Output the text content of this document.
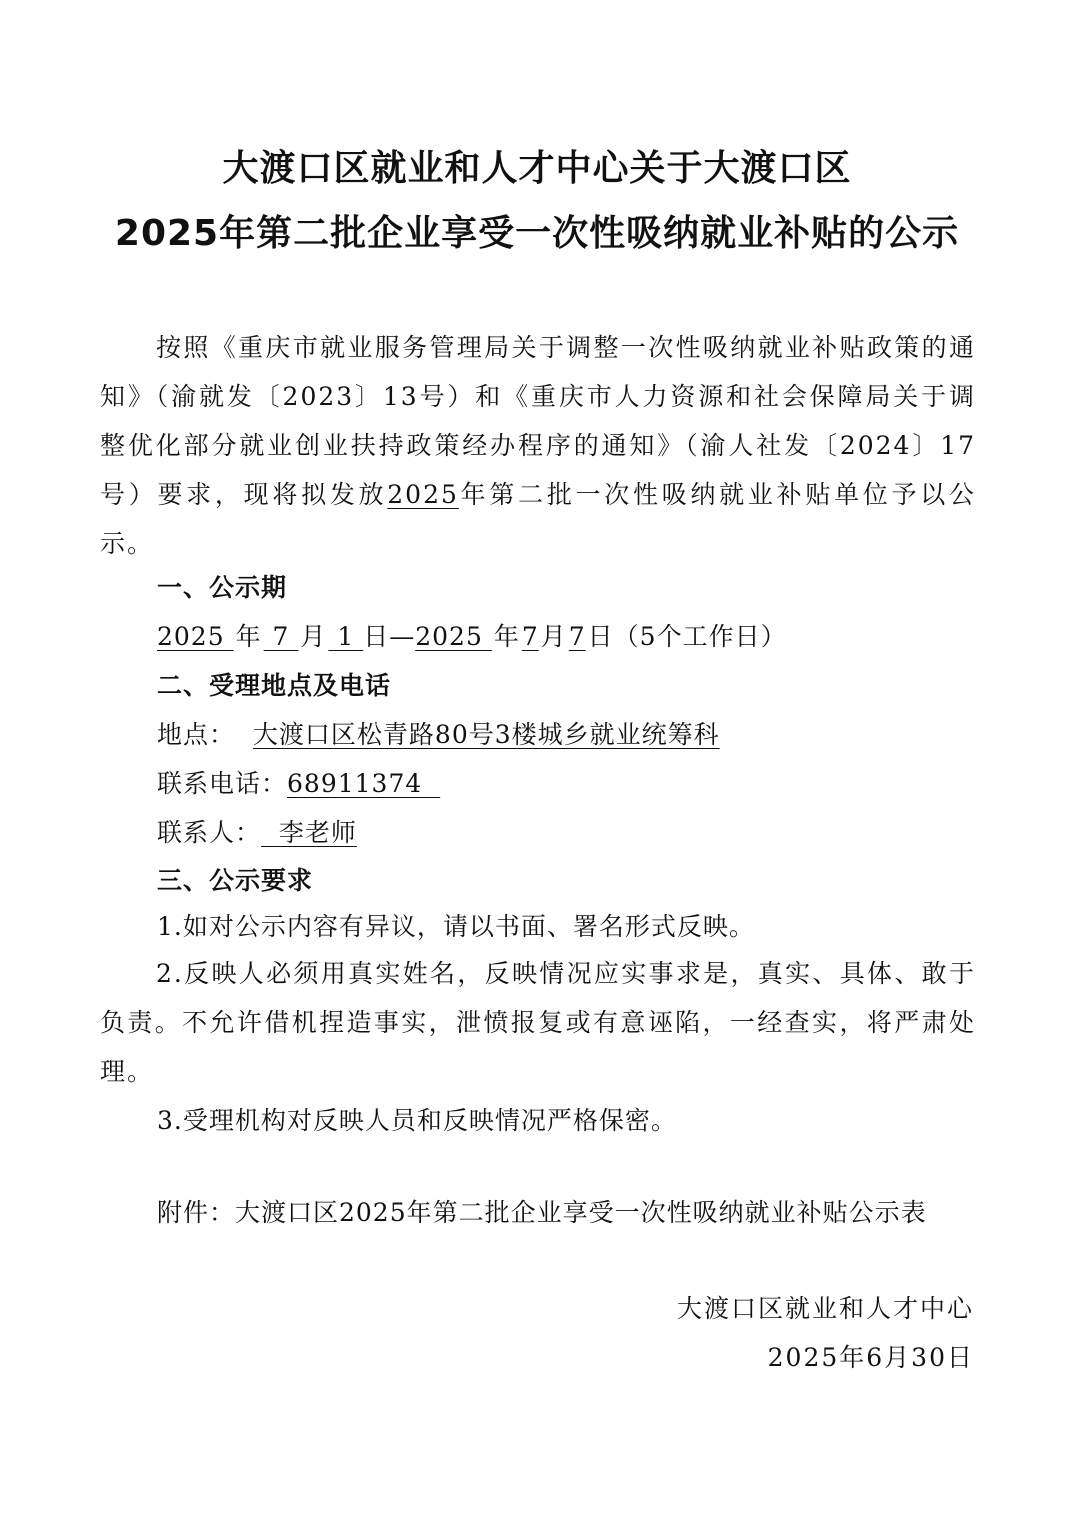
大渡口区就业和人才中心关于大渡口区
2025年第二批企业享受一次性吸纳就业补贴的公示
按照《重庆市就业服务管理局关于调整一次性吸纳就业补贴政策的通知》（渝就发〔2023〕13号）和《重庆市人力资源和社会保障局关于调整优化部分就业创业扶持政策经办程序的通知》（渝人社发〔2024〕17号）要求，现将拟发放2025年第二批一次性吸纳就业补贴单位予以公示。
一、公示期
2025 年 7 月 1 日—2025 年7月7日（5个工作日）
二、受理地点及电话
地点： 大渡口区松青路80号3楼城乡就业统筹科
联系电话：68911374
联系人： 李老师
三、公示要求
1.如对公示内容有异议，请以书面、署名形式反映。
2.反映人必须用真实姓名，反映情况应实事求是，真实、具体、敢于负责。不允许借机捏造事实，泄愤报复或有意诬陷，一经查实，将严肃处理。
3.受理机构对反映人员和反映情况严格保密。
附件：大渡口区2025年第二批企业享受一次性吸纳就业补贴公示表
大渡口区就业和人才中心
2025年6月30日
